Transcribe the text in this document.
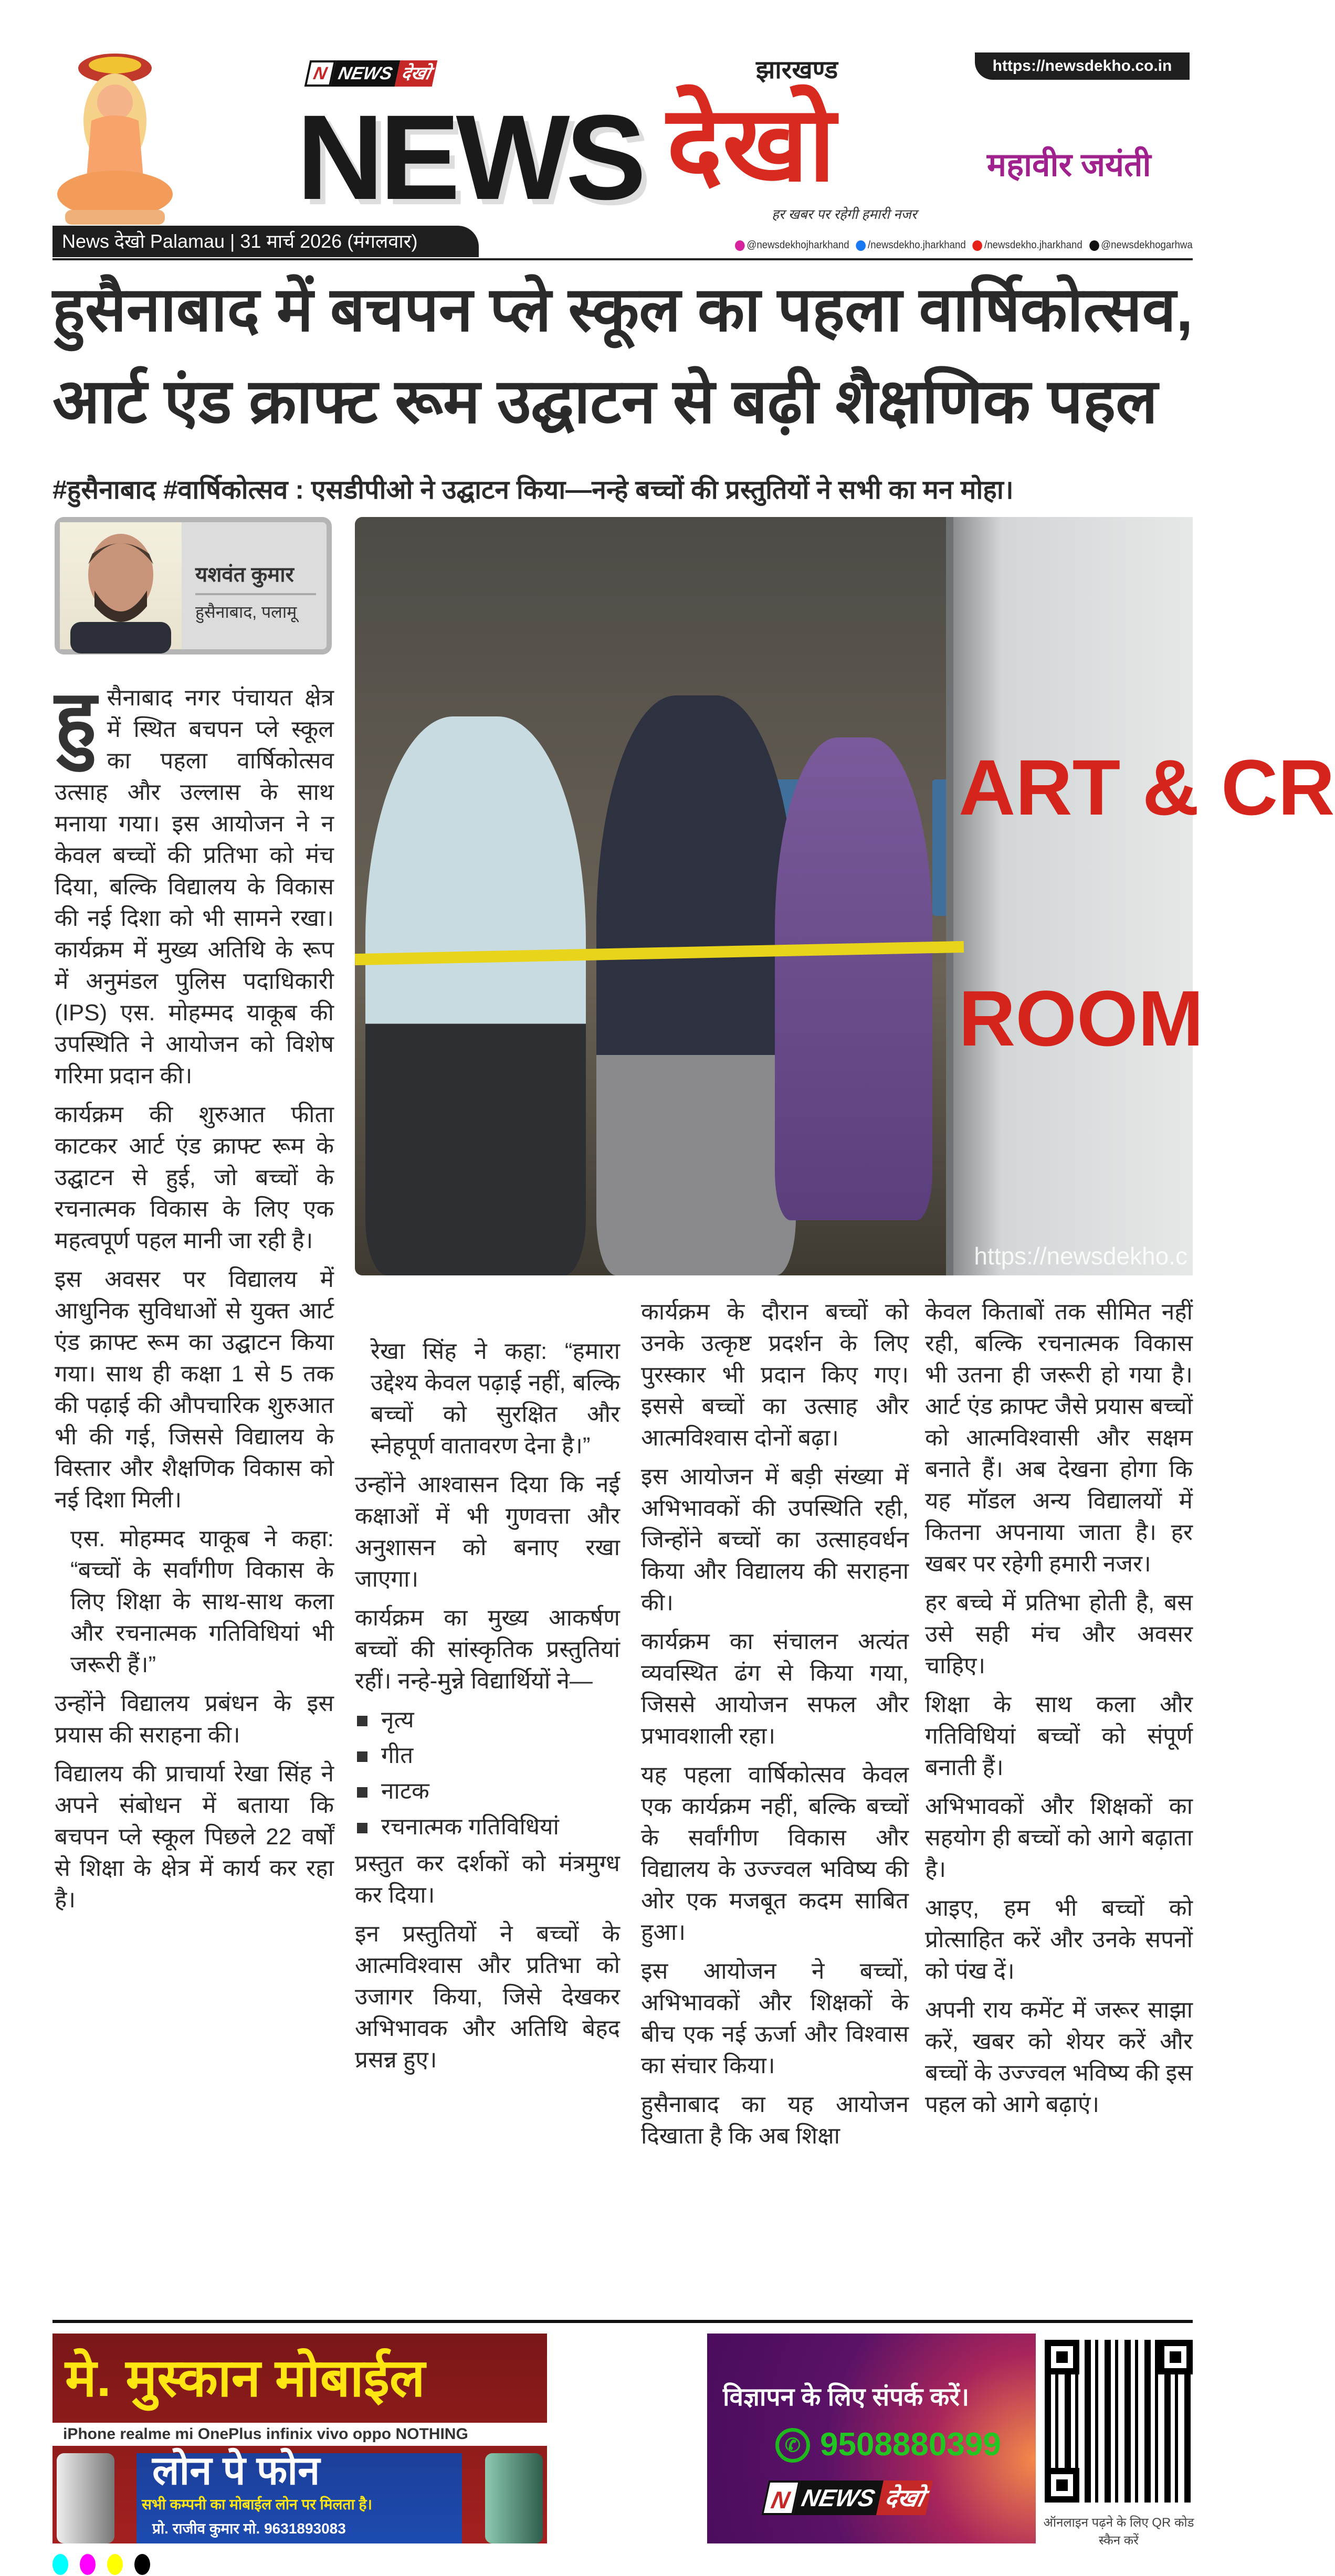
https://newsdekho.co.in
N NEWS देखो
NEWS देखो
झारखण्ड
हर खबर पर रहेगी हमारी नजर
महावीर जयंती
News देखो Palamau | 31 मार्च 2026 (मंगलवार)	@newsdekhojharkhand	/newsdekho.jharkhand	/newsdekho.jharkhand	@newsdekhogarhwa
हुसैनाबाद में बचपन प्ले स्कूल का पहला वार्षिकोत्सव,
आर्ट एंड क्राफ्ट रूम उद्घाटन से बढ़ी शैक्षणिक पहल
#हुसैनाबाद #वार्षिकोत्सव : एसडीपीओ ने उद्घाटन किया—नन्हे बच्चों की प्रस्तुतियों ने सभी का मन मोहा।
यशवंत कुमार
हुसैनाबाद, पलामू
ART & CR
ROOM
https://newsdekho.c

हुसैनाबाद नगर पंचायत क्षेत्र में स्थित बचपन प्ले स्कूल का पहला वार्षिकोत्सव उत्साह और उल्लास के साथ मनाया गया। इस आयोजन ने न केवल बच्चों की प्रतिभा को मंच दिया, बल्कि विद्यालय के विकास की नई दिशा को भी सामने रखा। कार्यक्रम में मुख्य अतिथि के रूप में अनुमंडल पुलिस पदाधिकारी (IPS) एस. मोहम्मद याकूब की उपस्थिति ने आयोजन को विशेष गरिमा प्रदान की।

कार्यक्रम की शुरुआत फीता काटकर आर्ट एंड क्राफ्ट रूम के उद्घाटन से हुई, जो बच्चों के रचनात्मक विकास के लिए एक महत्वपूर्ण पहल मानी जा रही है।

इस अवसर पर विद्यालय में आधुनिक सुविधाओं से युक्त आर्ट एंड क्राफ्ट रूम का उद्घाटन किया गया। साथ ही कक्षा 1 से 5 तक की पढ़ाई की औपचारिक शुरुआत भी की गई, जिससे विद्यालय के विस्तार और शैक्षणिक विकास को नई दिशा मिली।

एस. मोहम्मद याकूब ने कहा: “बच्चों के सर्वांगीण विकास के लिए शिक्षा के साथ-साथ कला और रचनात्मक गतिविधियां भी जरूरी हैं।”

उन्होंने विद्यालय प्रबंधन के इस प्रयास की सराहना की।

विद्यालय की प्राचार्या रेखा सिंह ने अपने संबोधन में बताया कि बचपन प्ले स्कूल पिछले 22 वर्षों से शिक्षा के क्षेत्र में कार्य कर रहा है।

रेखा सिंह ने कहा: “हमारा उद्देश्य केवल पढ़ाई नहीं, बल्कि बच्चों को सुरक्षित और स्नेहपूर्ण वातावरण देना है।”

उन्होंने आश्वासन दिया कि नई कक्षाओं में भी गुणवत्ता और अनुशासन को बनाए रखा जाएगा।

कार्यक्रम का मुख्य आकर्षण बच्चों की सांस्कृतिक प्रस्तुतियां रहीं। नन्हे-मुन्ने विद्यार्थियों ने—

नृत्य
गीत
नाटक
रचनात्मक गतिविधियां

प्रस्तुत कर दर्शकों को मंत्रमुग्ध कर दिया।

इन प्रस्तुतियों ने बच्चों के आत्मविश्वास और प्रतिभा को उजागर किया, जिसे देखकर अभिभावक और अतिथि बेहद प्रसन्न हुए।

कार्यक्रम के दौरान बच्चों को उनके उत्कृष्ट प्रदर्शन के लिए पुरस्कार भी प्रदान किए गए। इससे बच्चों का उत्साह और आत्मविश्वास दोनों बढ़ा।

इस आयोजन में बड़ी संख्या में अभिभावकों की उपस्थिति रही, जिन्होंने बच्चों का उत्साहवर्धन किया और विद्यालय की सराहना की।

कार्यक्रम का संचालन अत्यंत व्यवस्थित ढंग से किया गया, जिससे आयोजन सफल और प्रभावशाली रहा।

यह पहला वार्षिकोत्सव केवल एक कार्यक्रम नहीं, बल्कि बच्चों के सर्वांगीण विकास और विद्यालय के उज्ज्वल भविष्य की ओर एक मजबूत कदम साबित हुआ।

इस आयोजन ने बच्चों, अभिभावकों और शिक्षकों के बीच एक नई ऊर्जा और विश्वास का संचार किया।

हुसैनाबाद का यह आयोजन दिखाता है कि अब शिक्षा

केवल किताबों तक सीमित नहीं रही, बल्कि रचनात्मक विकास भी उतना ही जरूरी हो गया है। आर्ट एंड क्राफ्ट जैसे प्रयास बच्चों को आत्मविश्वासी और सक्षम बनाते हैं। अब देखना होगा कि यह मॉडल अन्य विद्यालयों में कितना अपनाया जाता है। हर खबर पर रहेगी हमारी नजर।

हर बच्चे में प्रतिभा होती है, बस उसे सही मंच और अवसर चाहिए।

शिक्षा के साथ कला और गतिविधियां बच्चों को संपूर्ण बनाती हैं।

अभिभावकों और शिक्षकों का सहयोग ही बच्चों को आगे बढ़ाता है।

आइए, हम भी बच्चों को प्रोत्साहित करें और उनके सपनों को पंख दें।

अपनी राय कमेंट में जरूर साझा करें, खबर को शेयर करें और बच्चों के उज्ज्वल भविष्य की इस पहल को आगे बढ़ाएं।

मे. मुस्कान मोबाईल
iPhone realme mi OnePlus infinix vivo oppo NOTHING
लोन पे फोन
सभी कम्पनी का मोबाईल लोन पर मिलता है।
प्रो. राजीव कुमार मो. 9631893083
विज्ञापन के लिए संपर्क करें।
✆ 9508880399
N NEWS देखो
ऑनलाइन पढ़ने के लिए QR कोड स्कैन करें
